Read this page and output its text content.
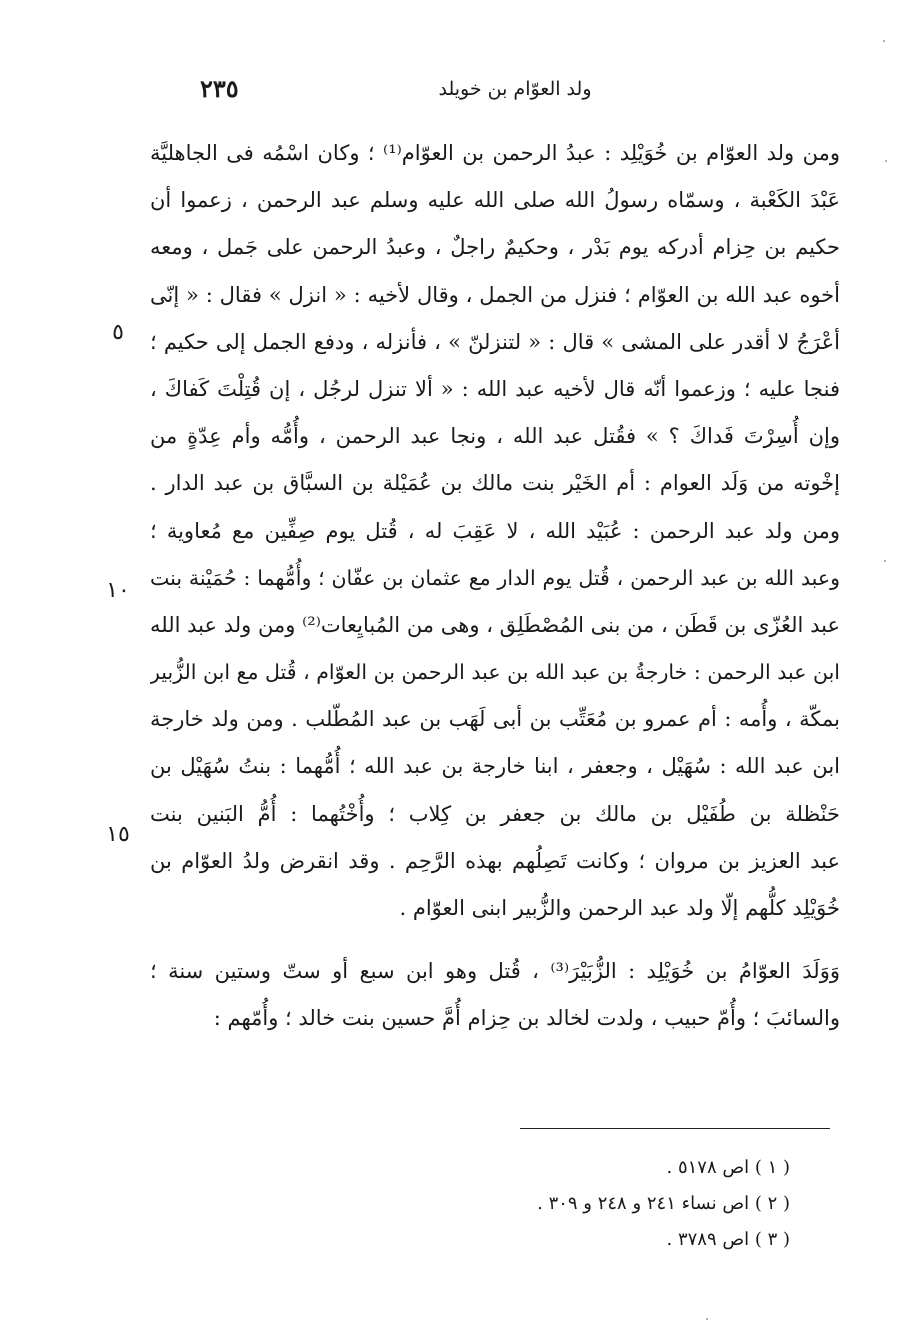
٢٣٥	ولد العوّام بن خويلد
ومن ولد العوّام بن خُوَيْلِد : عبدُ الرحمن بن العوّام⁽¹⁾ ؛ وكان اسْمُه فى الجاهليَّة
عَبْدَ الكَعْبة ، وسمّاه رسولُ الله صلى الله عليه وسلم عبد الرحمن ، زعموا أن
حكيم بن حِزام أدركه يوم بَدْر ، وحكيمٌ راجلٌ ، وعبدُ الرحمن على جَمل ، ومعه
أخوه عبد الله بن العوّام ؛ فنزل من الجمل ، وقال لأخيه : « انزل » فقال : « إنّى
أعْرَجُ لا أقدر على المشى » قال : « لتنزلنّ » ، فأنزله ، ودفع الجمل إلى حكيم ؛
فنجا عليه ؛ وزعموا أنّه قال لأخيه عبد الله : « ألا تنزل لرجُل ، إن قُتِلْتَ كَفاكَ ،
وإن أُسِرْتَ فَداكَ ؟ » فقُتل عبد الله ، ونجا عبد الرحمن ، وأُمُّه وأم عِدّةٍ من
إخْوته من وَلَد العوام : أم الخَيْر بنت مالك بن عُمَيْلة بن السبَّاق بن عبد الدار .
ومن ولد عبد الرحمن : عُبَيْد الله ، لا عَقِبَ له ، قُتل يوم صِفِّين مع مُعاوية ؛
وعبد الله بن عبد الرحمن ، قُتل يوم الدار مع عثمان بن عفّان ؛ وأُمُّهما : حُمَيْنة بنت
عبد العُزّى بن قَطَن ، من بنى المُصْطَلِق ، وهى من المُبايِعات⁽²⁾ ومن ولد عبد الله
ابن عبد الرحمن : خارجةُ بن عبد الله بن عبد الرحمن بن العوّام ، قُتل مع ابن الزُّبير
بمكّة ، وأُمه : أم عمرو بن مُعَتِّب بن أبى لَهَب بن عبد المُطّلب . ومن ولد خارجة
ابن عبد الله : سُهَيْل ، وجعفر ، ابنا خارجة بن عبد الله ؛ أُمُّهما : بنتُ سُهَيْل بن
حَنْظلة بن طُفَيْل بن مالك بن جعفر بن كِلاب ؛ وأُخْتُهما : أُمُّ البَنين بنت
عبد العزيز بن مروان ؛ وكانت تَصِلُهم بهذه الرَّحِم . وقد انقرض ولدُ العوّام بن
خُوَيْلِد كلُّهم إلّا ولد عبد الرحمن والزُّبير ابنى العوّام .
وَوَلَدَ العوّامُ بن خُوَيْلِد : الزُّبَيْرَ⁽³⁾ ، قُتل وهو ابن سبع أو ستّ وستين سنة ؛
والسائبَ ؛ وأُمّ حبيب ، ولدت لخالد بن حِزام أُمَّ حسين بنت خالد ؛ وأُمّهم :
٥
١٠
١٥
( ١ ) اص ٥١٧٨ .
( ٢ ) اص نساء ٢٤١ و ٢٤٨ و ٣٠٩ .
( ٣ ) اص ٣٧٨٩ .
